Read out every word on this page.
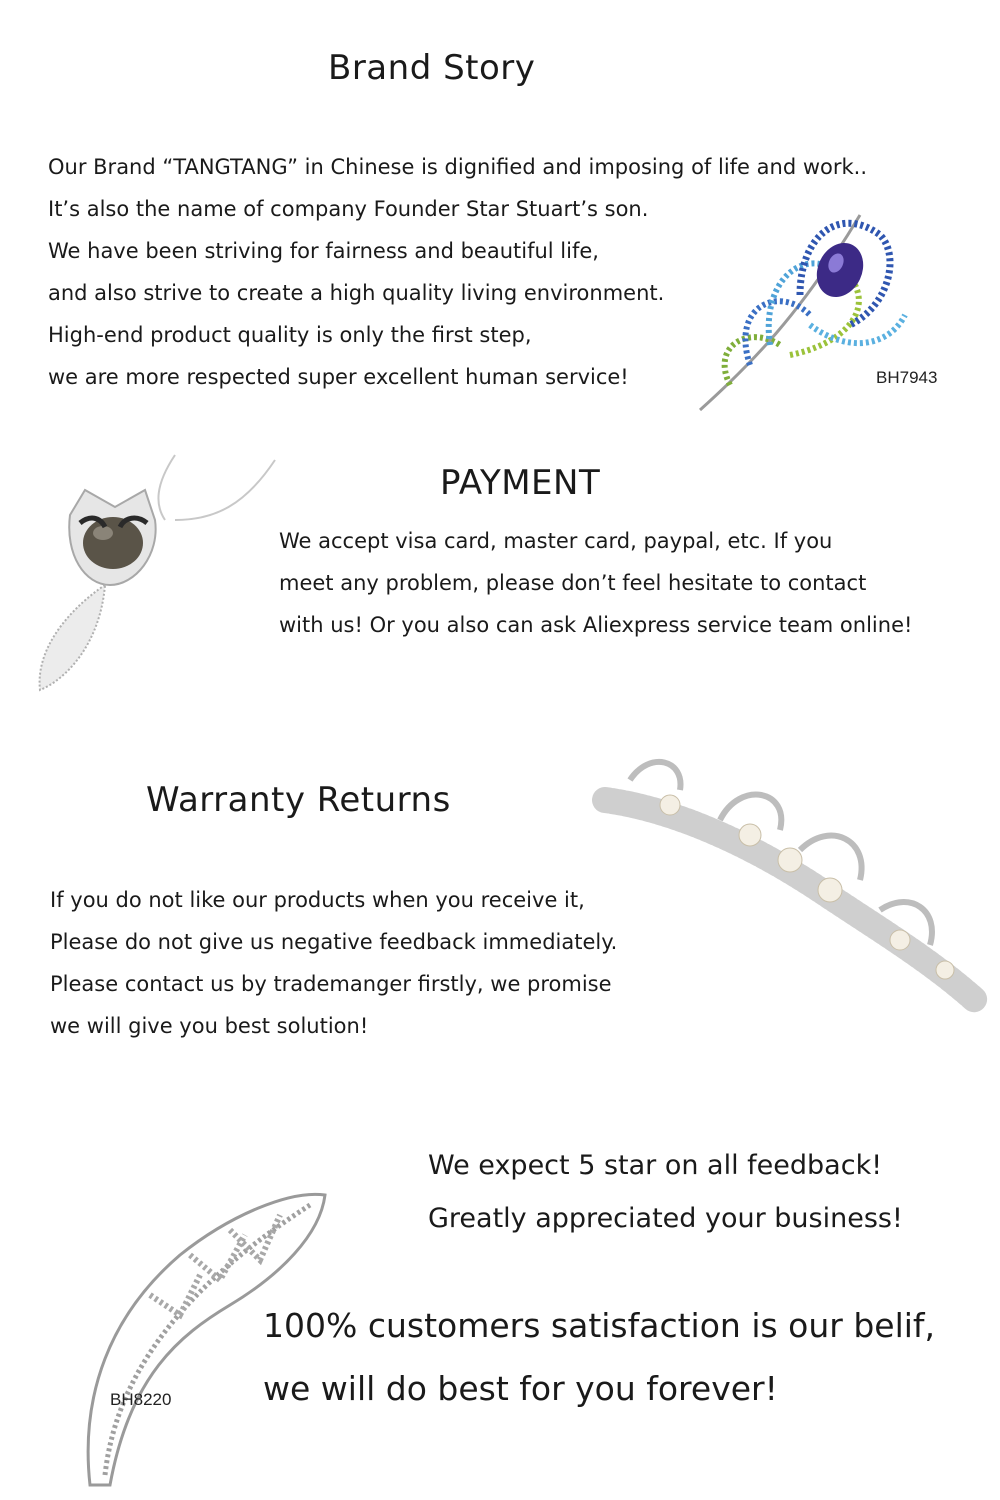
Brand Story
Our Brand “TANGTANG” in Chinese is dignified and imposing of life and work..
It’s also the name of company Founder Star Stuart’s son.
We have been striving for fairness and beautiful life,
and also strive to create a high quality living environment.
High-end product quality is only the first step,
we are more respected super excellent human service!	BH7943
PAYMENT
We accept visa card, master card, paypal, etc. If you
meet any problem, please don’t feel hesitate to contact
with us! Or you also can ask Aliexpress service team online!
Warranty Returns
If you do not like our products when you receive it,
Please do not give us negative feedback immediately.
Please contact us by trademanger firstly, we promise
we will give you best solution!
We expect 5 star on all feedback!
Greatly appreciated your business!
BH8220
100% customers satisfaction is our belif,
we will do best for you forever!
